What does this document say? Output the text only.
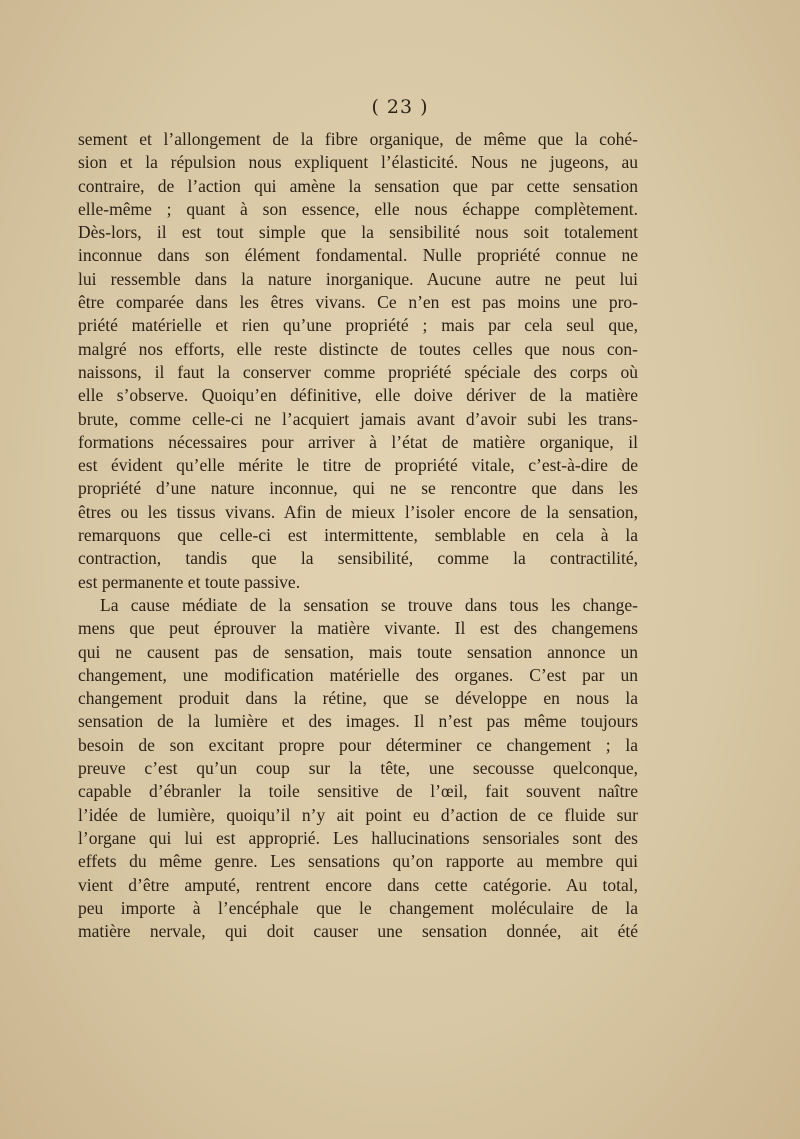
( 23 )
sement et l’allongement de la fibre organique, de même que la cohé-
sion et la répulsion nous expliquent l’élasticité. Nous ne jugeons, au
contraire, de l’action qui amène la sensation que par cette sensation
elle-même ; quant à son essence, elle nous échappe complètement.
Dès-lors, il est tout simple que la sensibilité nous soit totalement
inconnue dans son élément fondamental. Nulle propriété connue ne
lui ressemble dans la nature inorganique. Aucune autre ne peut lui
être comparée dans les êtres vivans. Ce n’en est pas moins une pro-
priété matérielle et rien qu’une propriété ; mais par cela seul que,
malgré nos efforts, elle reste distincte de toutes celles que nous con-
naissons, il faut la conserver comme propriété spéciale des corps où
elle s’observe. Quoiqu’en définitive, elle doive dériver de la matière
brute, comme celle-ci ne l’acquiert jamais avant d’avoir subi les trans-
formations nécessaires pour arriver à l’état de matière organique, il
est évident qu’elle mérite le titre de propriété vitale, c’est-à-dire de
propriété d’une nature inconnue, qui ne se rencontre que dans les
êtres ou les tissus vivans. Afin de mieux l’isoler encore de la sensation,
remarquons que celle-ci est intermittente, semblable en cela à la
contraction, tandis que la sensibilité, comme la contractilité,
est permanente et toute passive.
La cause médiate de la sensation se trouve dans tous les change-
mens que peut éprouver la matière vivante. Il est des changemens
qui ne causent pas de sensation, mais toute sensation annonce un
changement, une modification matérielle des organes. C’est par un
changement produit dans la rétine, que se développe en nous la
sensation de la lumière et des images. Il n’est pas même toujours
besoin de son excitant propre pour déterminer ce changement ; la
preuve c’est qu’un coup sur la tête, une secousse quelconque,
capable d’ébranler la toile sensitive de l’œil, fait souvent naître
l’idée de lumière, quoiqu’il n’y ait point eu d’action de ce fluide sur
l’organe qui lui est approprié. Les hallucinations sensoriales sont des
effets du même genre. Les sensations qu’on rapporte au membre qui
vient d’être amputé, rentrent encore dans cette catégorie. Au total,
peu importe à l’encéphale que le changement moléculaire de la
matière nervale, qui doit causer une sensation donnée, ait été
